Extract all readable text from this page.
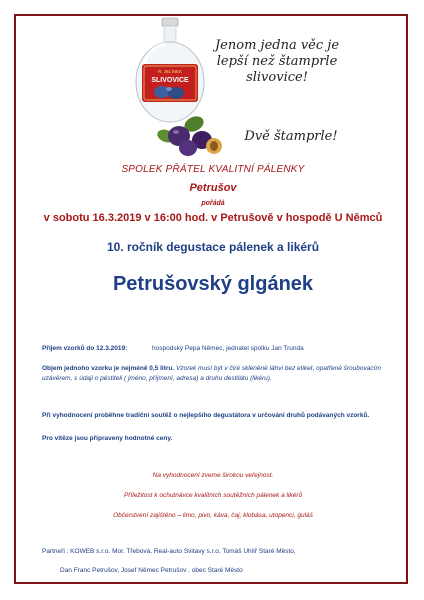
R. JELÍNEK
SLIVOVICE
Jenom jedna věc je
lepší než štamprle
slivovice!
Dvě štamprle!
SPOLEK PŘÁTEL KVALITNÍ PÁLENKY
Petrušov
pořádá
v sobotu 16.3.2019 v 16:00 hod. v Petrušově v hospodě U Němců
10. ročník degustace pálenek a likérů
Petrušovský glgánek
Příjem vzorků do 12.3.2019:	hospodský Pepa Němec, jednatel spolku Jan Trunda
Objem jednoho vzorku je nejméně 0,5 litru. Vzorek musí být v čiré skleněné láhvi bez etiket, opatřené šroubovacím uzávěrem, s údaji o pěstiteli ( jméno, příjmení, adresa) a druhu destilátu (likéru).
Při vyhodnocení proběhne tradiční soutěž o nejlepšího degustátora v určování druhů podávaných vzorků.
Pro vítěze jsou připraveny hodnotné ceny.
Na vyhodnocení zveme širokou veřejnost.
Příležitost k ochutnávce kvalitních soutěžních pálenek a likérů
Občerstvení zajištěno – limo, pivo, káva, čaj, klobása, utopenci, guláš
Partneři : KOWEB s.r.o. Mor. Třebová, Real-auto Svitavy s.r.o, Tomáš Uhlíř Staré Město,
Dan Franc Petrušov, Josef Němec Petrušov , obec Staré Město
